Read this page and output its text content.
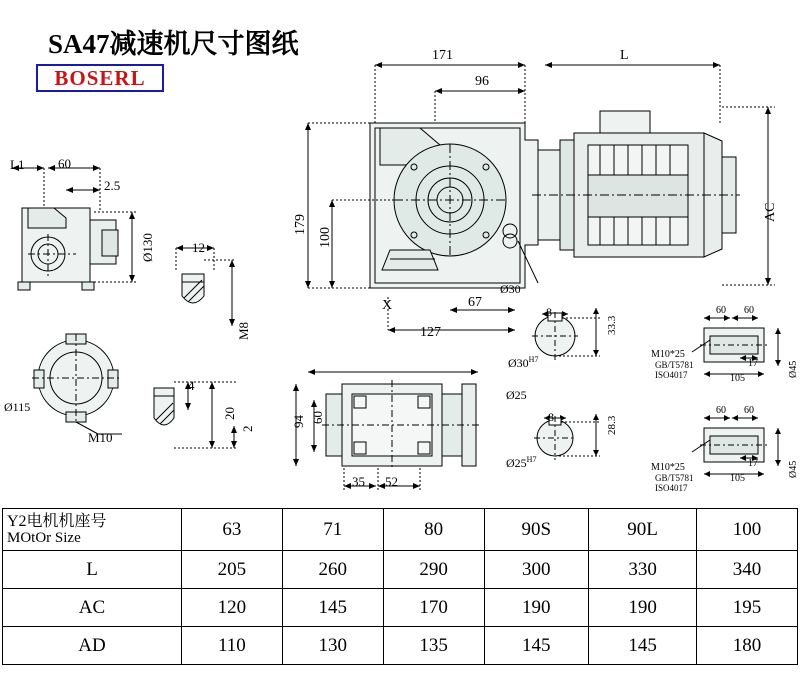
SA47减速机尺寸图纸
BOSERL
171	L
96
179
100
AC
67
127
X
Ø30
L1	60
2.5
Ø130
Ø115
M10
12
M8
4
20
2
94 60
35 52
8
33.3
$Ø30^{H7}$
Ø25
8	28.3
$Ø25^{H7}$
60 60
17
105
Ø45
M10*25
GB/T5781
ISO4017
60 60
17
105
Ø45
M10*25
GB/T5781
ISO4017
Y2电机机座号
MOtOr Size	63	71	80	90S	90L	100
L	205	260	290	300	330	340
AC	120	145	170	190	190	195
AD	110	130	135	145	145	180
